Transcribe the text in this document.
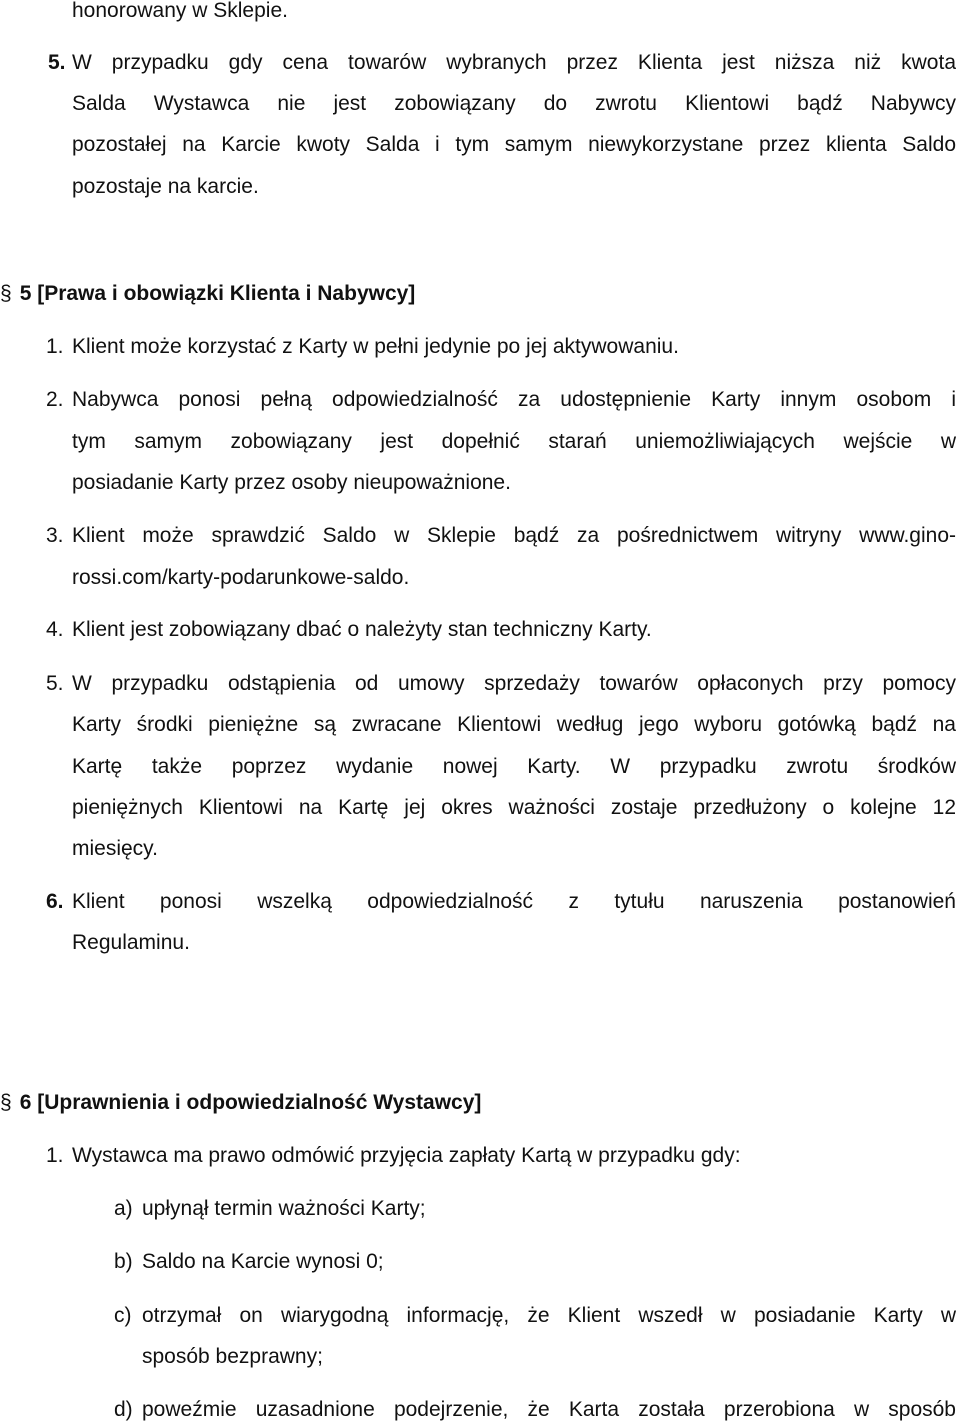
honorowany w Sklepie.
5. W przypadku gdy cena towarów wybranych przez Klienta jest niższa niż kwota
Salda Wystawca nie jest zobowiązany do zwrotu Klientowi bądź Nabywcy
pozostałej na Karcie kwoty Salda i tym samym niewykorzystane przez klienta Saldo
pozostaje na karcie.
§ 5 [Prawa i obowiązki Klienta i Nabywcy]
1. Klient może korzystać z Karty w pełni jedynie po jej aktywowaniu.
2. Nabywca ponosi pełną odpowiedzialność za udostępnienie Karty innym osobom i
tym samym zobowiązany jest dopełnić starań uniemożliwiających wejście w
posiadanie Karty przez osoby nieupoważnione.
3. Klient może sprawdzić Saldo w Sklepie bądź za pośrednictwem witryny www.gino-
rossi.com/karty-podarunkowe-saldo.
4. Klient jest zobowiązany dbać o należyty stan techniczny Karty.
5. W przypadku odstąpienia od umowy sprzedaży towarów opłaconych przy pomocy
Karty środki pieniężne są zwracane Klientowi według jego wyboru gotówką bądź na
Kartę także poprzez wydanie nowej Karty. W przypadku zwrotu środków
pieniężnych Klientowi na Kartę jej okres ważności zostaje przedłużony o kolejne 12
miesięcy.
6. Klient ponosi wszelką odpowiedzialność z tytułu naruszenia postanowień
Regulaminu.
§ 6 [Uprawnienia i odpowiedzialność Wystawcy]
1. Wystawca ma prawo odmówić przyjęcia zapłaty Kartą w przypadku gdy:
a) upłynął termin ważności Karty;
b) Saldo na Karcie wynosi 0;
c) otrzymał on wiarygodną informację, że Klient wszedł w posiadanie Karty w
sposób bezprawny;
d) poweźmie uzasadnione podejrzenie, że Karta została przerobiona w sposób
